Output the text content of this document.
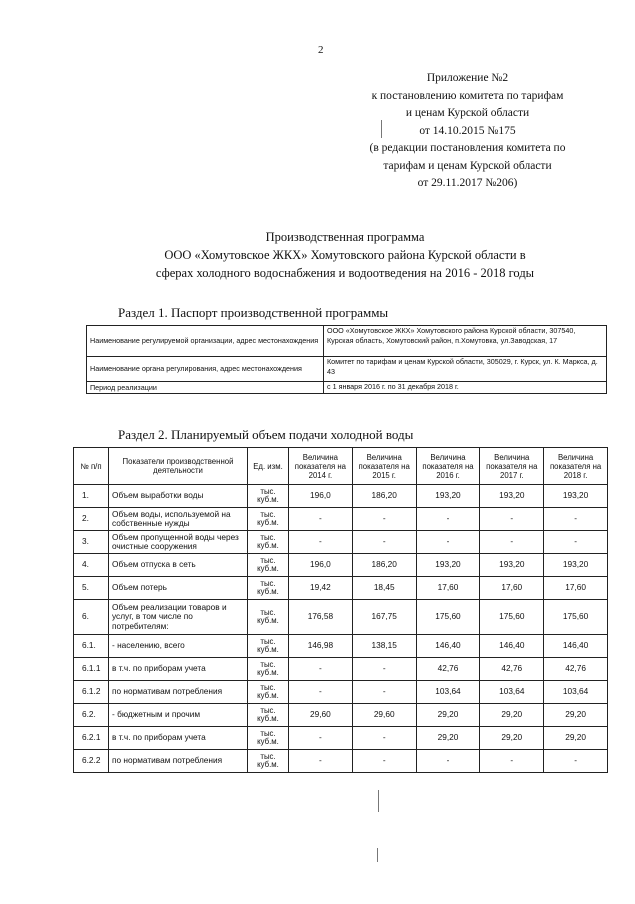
2
Приложение №2
к постановлению комитета по тарифам
и ценам Курской области
от 14.10.2015 №175
(в редакции постановления комитета по
тарифам и ценам Курской области
от 29.11.2017 №206)
Производственная программа
ООО «Хомутовское ЖКХ» Хомутовского района Курской области в
сферах холодного водоснабжения и водоотведения на 2016 - 2018 годы
Раздел 1. Паспорт производственной программы
Наименование регулируемой организации, адрес местонахождения	ООО «Хомутовское ЖКХ» Хомутовского района Курской области, 307540, Курская область, Хомутовский район, п.Хомутовка, ул.Заводская, 17
Наименование органа регулирования, адрес местонахождения	Комитет по тарифам и ценам Курской области, 305029, г. Курск, ул. К. Маркса, д. 43
Период реализации	с 1 января 2016 г. по 31 декабря 2018 г.
Раздел 2. Планируемый объем подачи холодной воды
№ п/п	Показатели производственной деятельности	Ед. изм.	Величина показателя на 2014 г.	Величина показателя на 2015 г.	Величина показателя на 2016 г.	Величина показателя на 2017 г.	Величина показателя на 2018 г.
1.	Объем выработки воды	тыс. куб.м.	196,0	186,20	193,20	193,20	193,20
2.	Объем воды, используемой на собственные нужды	тыс. куб.м.	-	-	-	-	-
3.	Объем пропущенной воды через очистные сооружения	тыс. куб.м.	-	-	-	-	-
4.	Объем отпуска в сеть	тыс. куб.м.	196,0	186,20	193,20	193,20	193,20
5.	Объем потерь	тыс. куб.м.	19,42	18,45	17,60	17,60	17,60
6.	Объем реализации товаров и услуг, в том числе по потребителям:	тыс. куб.м.	176,58	167,75	175,60	175,60	175,60
6.1.	- населению, всего	тыс. куб.м.	146,98	138,15	146,40	146,40	146,40
6.1.1	в т.ч. по приборам учета	тыс. куб.м.	-	-	42,76	42,76	42,76
6.1.2	по нормативам потребления	тыс. куб.м.	-	-	103,64	103,64	103,64
6.2.	- бюджетным и прочим	тыс. куб.м.	29,60	29,60	29,20	29,20	29,20
6.2.1	в т.ч. по приборам учета	тыс. куб.м.	-	-	29,20	29,20	29,20
6.2.2	по нормативам потребления	тыс. куб.м.	-	-	-	-	-
